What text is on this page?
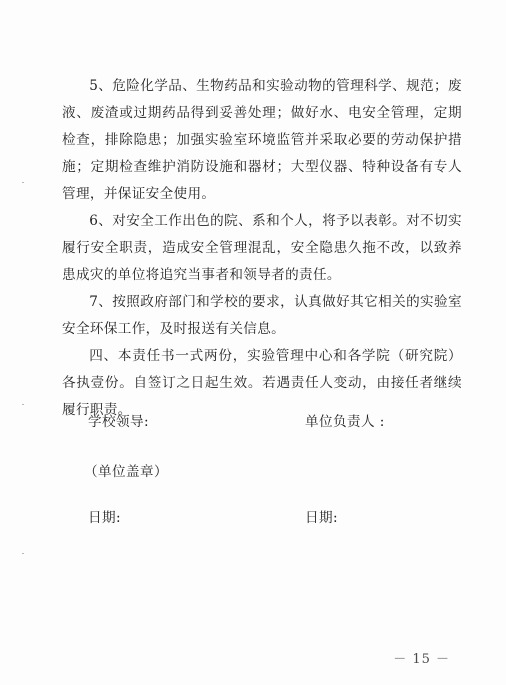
5、危险化学品、生物药品和实验动物的管理科学、规范；废液、废渣或过期药品得到妥善处理；做好水、电安全管理，定期检查，排除隐患；加强实验室环境监管并采取必要的劳动保护措施；定期检查维护消防设施和器材；大型仪器、特种设备有专人管理，并保证安全使用。

6、对安全工作出色的院、系和个人，将予以表彰。对不切实履行安全职责，造成安全管理混乱，安全隐患久拖不改，以致养患成灾的单位将追究当事者和领导者的责任。

7、按照政府部门和学校的要求，认真做好其它相关的实验室安全环保工作，及时报送有关信息。

四、本责任书一式两份，实验管理中心和各学院（研究院）各执壹份。自签订之日起生效。若遇责任人变动，由接任者继续履行职责。

学校领导:	单位负责人 :
（单位盖章）
日期:	日期:
－ 15 －
